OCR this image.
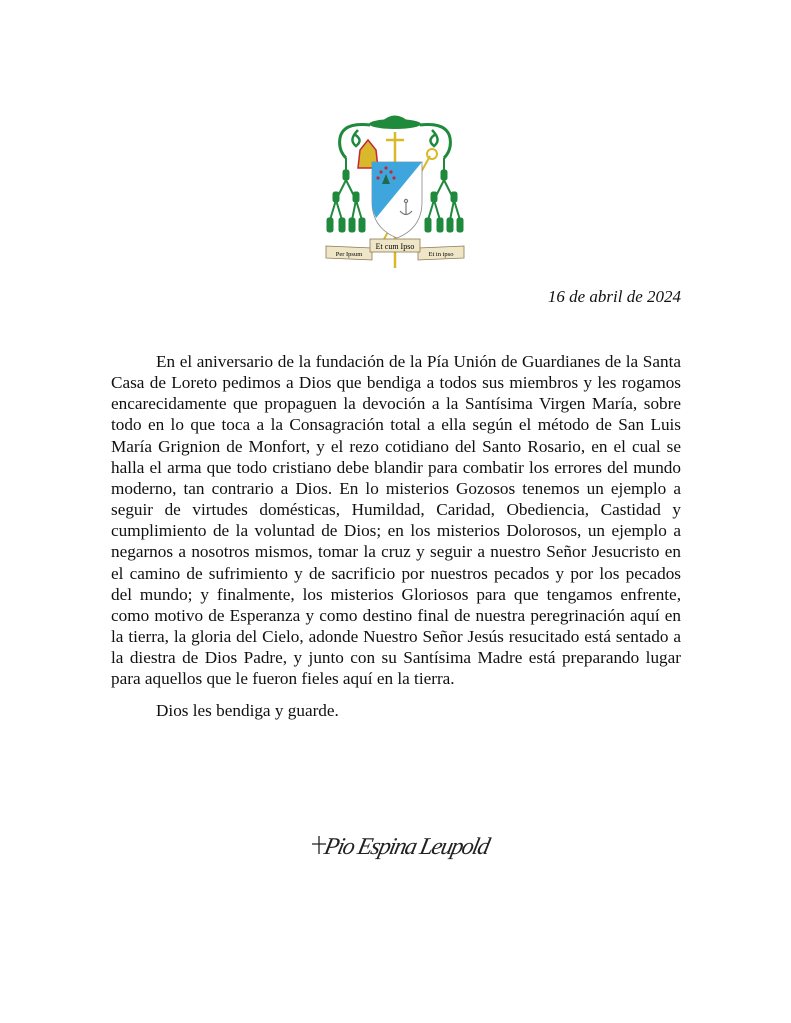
Per Ipsum
Et cum Ipso
Et in ipso
16 de abril de 2024

En el aniversario de la fundación de la Pía Unión de Guardianes de la Santa Casa de Loreto pedimos a Dios que bendiga a todos sus miembros y les rogamos encarecidamente que propaguen la devoción a la Santísima Virgen María, sobre todo en lo que toca a la Consagración total a ella según el método de San Luis María Grignion de Monfort, y el rezo cotidiano del Santo Rosario, en el cual se halla el arma que todo cristiano debe blandir para combatir los errores del mundo moderno, tan contrario a Dios. En lo misterios Gozosos tenemos un ejemplo a seguir de virtudes domésticas, Humildad, Caridad, Obediencia, Castidad y cumplimiento de la voluntad de Dios; en los misterios Dolorosos, un ejemplo a negarnos a nosotros mismos, tomar la cruz y seguir a nuestro Señor Jesucristo en el camino de sufrimiento y de sacrificio por nuestros pecados y por los pecados del mundo; y finalmente, los misterios Gloriosos para que tengamos enfrente, como motivo de Esperanza y como destino final de nuestra peregrinación aquí en la tierra, la gloria del Cielo, adonde Nuestro Señor Jesús resucitado está sentado a la diestra de Dios Padre, y junto con su Santísima Madre está preparando lugar para aquellos que le fueron fieles aquí en la tierra.

Dios les bendiga y guarde.

Pio Espina Leupold
